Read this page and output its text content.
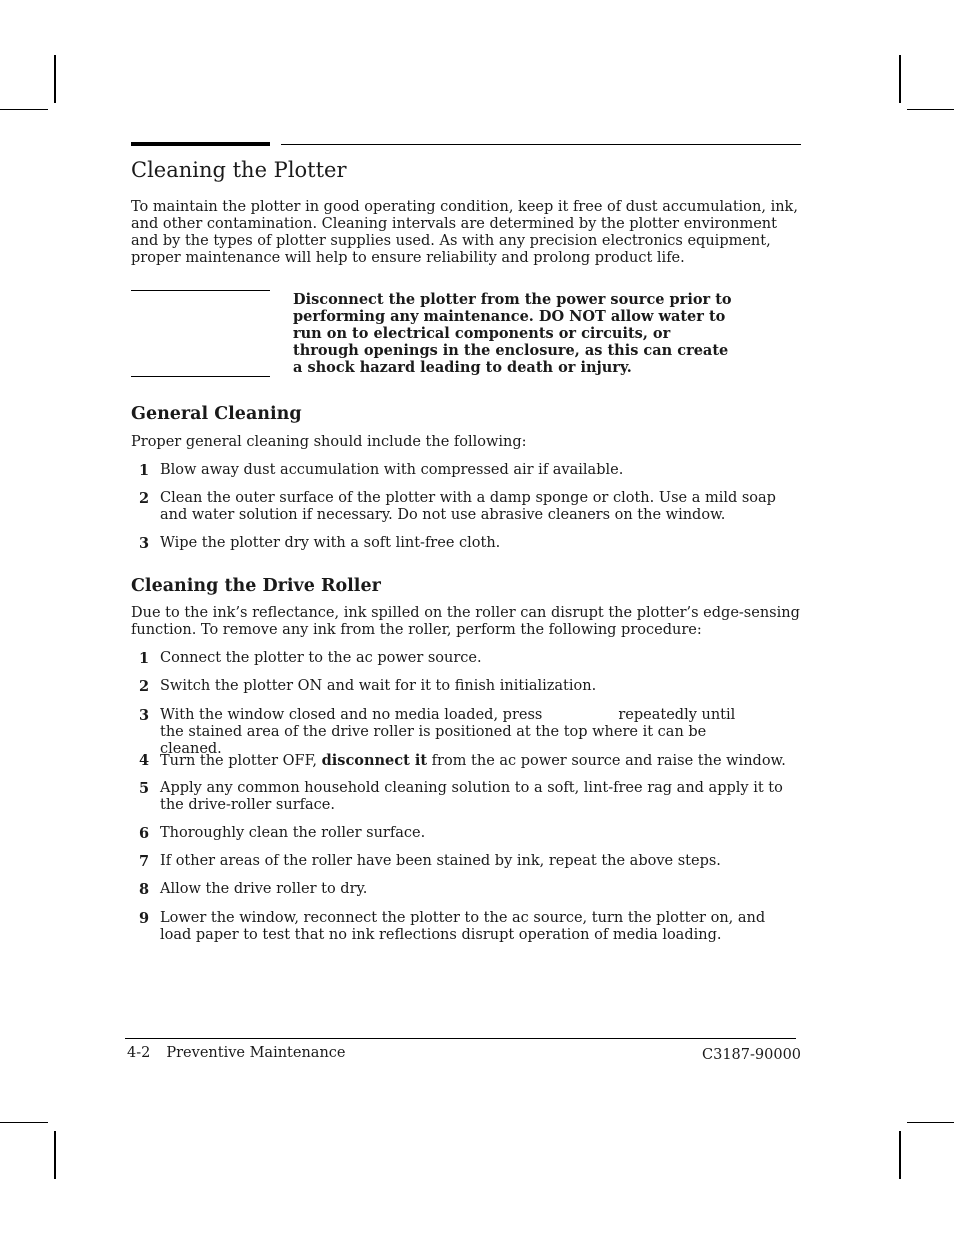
Cleaning the Plotter

To maintain the plotter in good operating condition, keep it free of dust accumulation, ink, and other contamination. Cleaning intervals are determined by the plotter environment and by the types of plotter supplies used. As with any precision electronics equipment, proper maintenance will help to ensure reliability and prolong product life.

Disconnect the plotter from the power source prior to performing any maintenance. DO NOT allow water to run on to electrical components or circuits, or through openings in the enclosure, as this can create a shock hazard leading to death or injury.

General Cleaning

Proper general cleaning should include the following:

1 Blow away dust accumulation with compressed air if available.
2 Clean the outer surface of the plotter with a damp sponge or cloth. Use a mild soap and water solution if necessary. Do not use abrasive cleaners on the window.
3 Wipe the plotter dry with a soft lint-free cloth.
Cleaning the Drive Roller

Due to the ink’s reflectance, ink spilled on the roller can disrupt the plotter’s edge-sensing function. To remove any ink from the roller, perform the following procedure:

1 Connect the plotter to the ac power source.
2 Switch the plotter ON and wait for it to finish initialization.
3 With the window closed and no media loaded, press	repeatedly until the stained area of the drive roller is positioned at the top where it can be cleaned.
4 Turn the plotter OFF, disconnect it from the ac power source and raise the window.
5 Apply any common household cleaning solution to a soft, lint-free rag and apply it to the drive-roller surface.
6 Thoroughly clean the roller surface.
7 If other areas of the roller have been stained by ink, repeat the above steps.
8 Allow the drive roller to dry.
9 Lower the window, reconnect the plotter to the ac source, turn the plotter on, and load paper to test that no ink reflections disrupt operation of media loading.
4-2 Preventive Maintenance	C3187-90000
